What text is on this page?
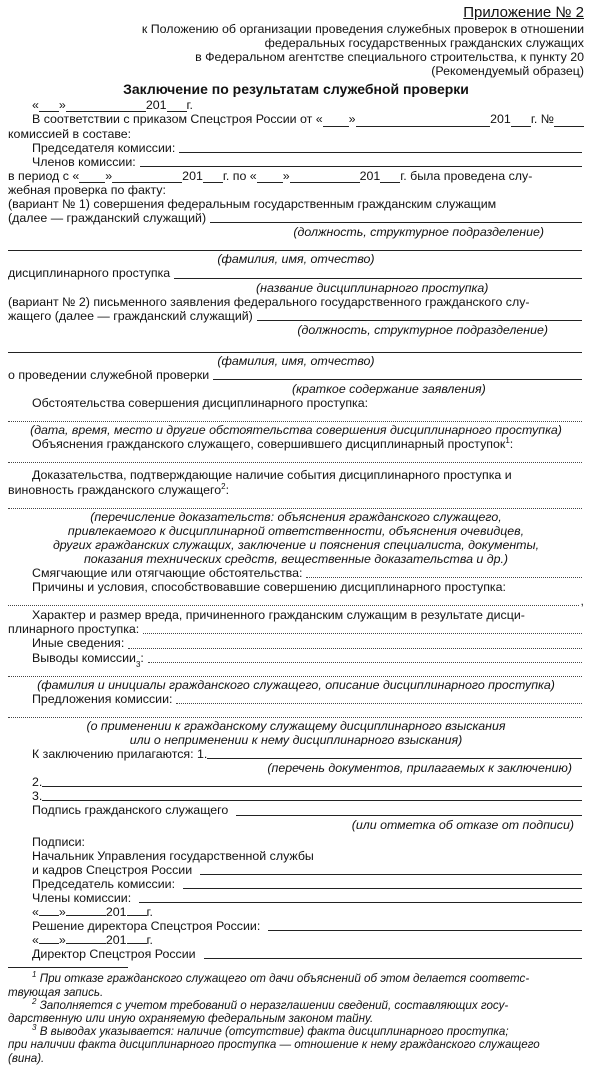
Приложение № 2
к Положению об организации проведения служебных проверок в отношении
федеральных государственных гражданских служащих
в Федеральном агентстве специального строительства, к пункту 20
(Рекомендуемый образец)
Заключение по результатам служебной проверки
« »	201 г.
В соответствии с приказом Спецстроя России от « »	201 г. №
комиссией в составе:
Председателя комиссии:
Членов комиссии:
в период с « »	201 г. по « »	201 г. была проведена слу-
жебная проверка по факту:
(вариант № 1) совершения федеральным государственным гражданским служащим
(далее — гражданский служащий)
(должность, структурное подразделение)
(фамилия, имя, отчество)
дисциплинарного проступка
(название дисциплинарного проступка)
(вариант № 2) письменного заявления федерального государственного гражданского слу-
жащего (далее — гражданский служащий)
(должность, структурное подразделение)
(фамилия, имя, отчество)
о проведении служебной проверки
(краткое содержание заявления)
Обстоятельства совершения дисциплинарного проступка:
(дата, время, место и другие обстоятельства совершения дисциплинарного проступка)
Объяснения гражданского служащего, совершившего дисциплинарный проступок$^1$:
Доказательства, подтверждающие наличие события дисциплинарного проступка и
виновность гражданского служащего$^2$:
(перечисление доказательств: объяснения гражданского служащего,
привлекаемого к дисциплинарной ответственности, объяснения очевидцев,
других гражданских служащих, заключение и пояснения специалиста, документы,
показания технических средств, вещественные доказательства и др.)
Смягчающие или отягчающие обстоятельства:
Причины и условия, способствовавшие совершению дисциплинарного проступка:
,
Характер и размер вреда, причиненного гражданским служащим в результате дисци-
плинарного проступка:
Иные сведения:
Выводы комиссии 3 :
(фамилия и инициалы гражданского служащего, описание дисциплинарного проступка)
Предложения комиссии:
(о применении к гражданскому служащему дисциплинарного взыскания
или о неприменении к нему дисциплинарного взыскания)
К заключению прилагаются: 1.
(перечень документов, прилагаемых к заключению)
2.
3.
Подпись гражданского служащего
(или отметка об отказе от подписи)
Подписи:
Начальник Управления государственной службы
и кадров Спецстроя России
Председатель комиссии:
Члены комиссии:
« »	201 г.
Решение директора Спецстроя России:
« »	201 г.
Директор Спецстроя России
$^1$ При отказе гражданского служащего от дачи объяснений об этом делается соответс-
твующая запись.
$^2$ Заполняется с учетом требований о неразглашении сведений, составляющих госу-
дарственную или иную охраняемую федеральным законом тайну.
$^3$ В выводах указывается: наличие (отсутствие) факта дисциплинарного проступка;
при наличии факта дисциплинарного проступка — отношение к нему гражданского служащего
(вина).
